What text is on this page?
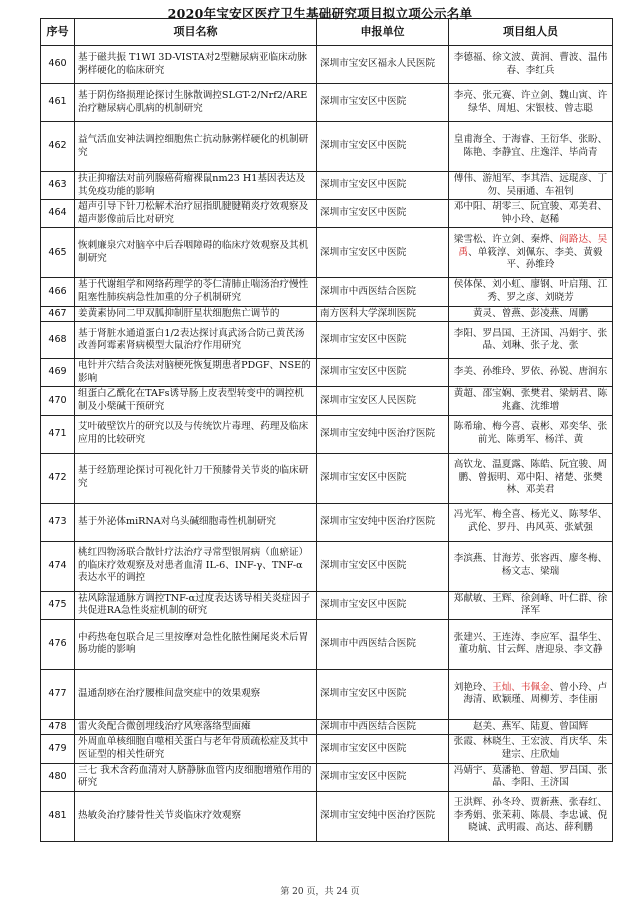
2020年宝安区医疗卫生基础研究项目拟立项公示名单
序号	项目名称	申报单位	项目组人员
460	基于磁共振 T1WI 3D-VISTA对2型糖尿病亚临床动脉粥样硬化的临床研究	深圳市宝安区福永人民医院	李德福、徐文波、黄润、曹波、温伟春、李红兵
461	基于阴伤络损理论探讨生脉散调控SLGT-2/Nrf2/ARE治疗糖尿病心肌病的机制研究	深圳市宝安区中医院	李亮、张元赛、许立剑、魏山寅、许绿华、周旭、宋银枝、曾志聪
462	益气活血安神法调控细胞焦亡抗动脉粥样硬化的机制研究	深圳市宝安区中医院	皇甫海全、于海睿、王衍华、张盼、陈艳、李静宜、庄逸洋、毕尚青
463	扶正抑瘤法对前列腺癌荷瘤裸鼠nm23 H1基因表达及其免疫功能的影响	深圳市宝安区中医院	傅伟、游旭军、李其浩、远琨彦、丁勿、吴丽通、车祖钊
464	超声引导下针刀松解术治疗屈指肌腱腱鞘炎疗效观察及超声影像前后比对研究	深圳市宝安区中医院	邓中阳、胡零三、阮宜骏、邓美君、钟小玲、赵稀
465	恢刺廉泉穴对脑卒中后吞咽障碍的临床疗效观察及其机制研究	深圳市宝安区中医院	梁雪松、许立剑、秦烨、阎路达、吴禹、单筱淳、刘佩东、李美、黄毅平、孙维玲
466	基于代谢组学和网络药理学的苓仁清肺止喘汤治疗慢性阻塞性肺疾病急性加重的分子机制研究	深圳市中西医结合医院	侯体保、刘小虹、廖钢、叶启翔、江秀、罗之彦、刘晓芳
467	姜黄素协同二甲双胍抑制肝星状细胞焦亡调节的	南方医科大学深圳医院	黄灵、曾燕、彭凌燕、周鹏
468	基于肾脏水通道蛋白1/2表达探讨真武汤合防己黄芪汤改善阿霉素肾病模型大鼠治疗作用研究	深圳市宝安区中医院	李阳、罗昌国、王济国、冯娟宇、张晶、刘琳、张子龙、张
469	电针并穴结合灸法对脑梗死恢复期患者PDGF、NSE的影响	深圳市宝安区中医院	李美、孙维玲、罗依、孙锐、唐润东
470	组蛋白乙酰化在TAFs诱导肠上皮表型转变中的调控机制及小檗碱干预研究	深圳市宝安区人民医院	黄超、邵宝娴、张樊君、梁炳君、陈兆鑫、沈维增
471	艾叶破壁饮片的研究以及与传统饮片毒理、药理及临床应用的比较研究	深圳市宝安纯中医治疗医院	陈希瑜、梅今喜、袁彬、邓奕华、张前光、陈勇军、杨洋、黄
472	基于经筋理论探讨可视化针刀干预膝骨关节炎的临床研究	深圳市宝安区中医院	高钦龙、温夏露、陈皓、阮宜骏、周鹏、曾振明、邓中阳、褚楚、张樊林、邓美君
473	基于外泌体miRNA对乌头碱细胞毒性机制研究	深圳市宝安纯中医治疗医院	冯光军、梅全喜、杨光义、陈琴华、武伦、罗丹、冉风英、张斌强
474	桃红四物汤联合散针疗法治疗寻常型银屑病（血瘀证）的临床疗效观察及对患者血清 IL-6、INF-γ、TNF-α 表达水平的调控	深圳市宝安区中医院	李滨燕、甘海芳、张容西、廖冬梅、杨文志、梁瑞
475	祛风除湿通脉方调控TNF-α过度表达诱导相关炎症因子共促进RA急性炎症机制的研究	深圳市宝安区中医院	郑献敏、王辉、徐剑峰、叶仁群、徐泽军
476	中药热奄包联合足三里按摩对急性化脓性阑尾炎术后胃肠功能的影响	深圳市中西医结合医院	张建兴、王连涛、李应军、温华生、董功航、甘云辉、唐迎泉、李文静
477	温通刮痧在治疗腰椎间盘突症中的效果观察	深圳市宝安区中医院	刘艳玲、王灿、韦佩金、曾小玲、卢海清、欧颖瑾、周柳芳、李佳丽
478	雷火灸配合微创埋线治疗风寒落络型面瘫	深圳市中西医结合医院	赵美、燕军、陆夏、曾国辉
479	外周血单核细胞自噬相关蛋白与老年骨质疏松症及其中医证型的相关性研究	深圳市宝安区中医院	张霞、林晓生、王宏波、肖庆华、朱建宗、庄欣灿
480	三七 我术含药血清对人脐静脉血管内皮细胞增殖作用的研究	深圳市宝安区中医院	冯婧宇、莫潘艳、曾超、罗昌国、张晶、李阳、王济国
481	热敏灸治疗膝骨性关节炎临床疗效观察	深圳市宝安纯中医治疗医院	王洪辉、孙冬玲、贾新燕、张春红、李秀娟、张茉莉、陈晨、李忠诚、倪晓诚、武明霞、高达、薛利鹏
第 20 页，共 24 页
